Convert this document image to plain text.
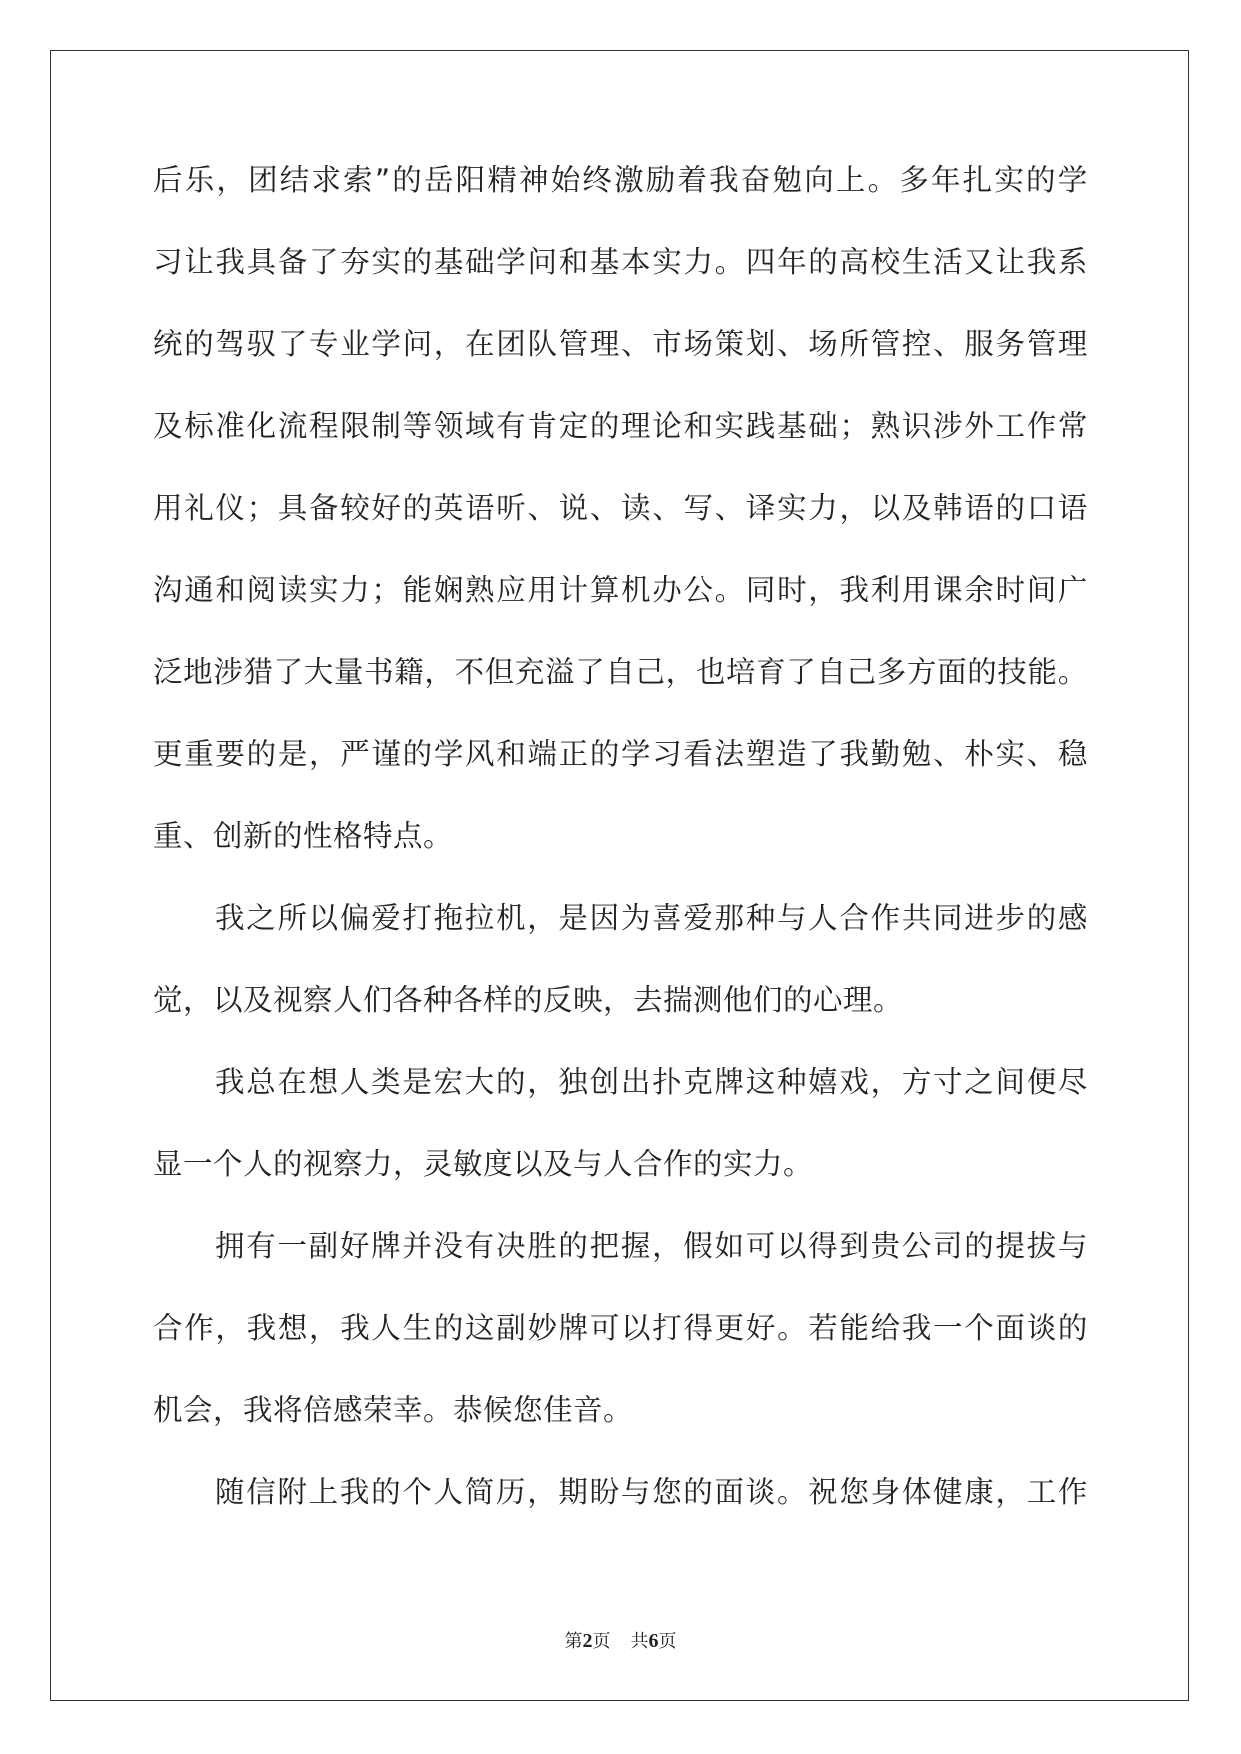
后 乐 ， 团 结 求 索 ” 的 岳 阳 精 神 始 终 激 励 着 我 奋 勉 向 上 。 多 年 扎 实 的 学
习 让 我 具 备 了 夯 实 的 基 础 学 问 和 基 本 实 力 。 四 年 的 高 校 生 活 又 让 我 系
统 的 驾 驭 了 专 业 学 问 ， 在 团 队 管 理 、 市 场 策 划 、 场 所 管 控 、 服 务 管 理
及 标 准 化 流 程 限 制 等 领 域 有 肯 定 的 理 论 和 实 践 基 础 ； 熟 识 涉 外 工 作 常
用 礼 仪 ； 具 备 较 好 的 英 语 听 、 说 、 读 、 写 、 译 实 力 ， 以 及 韩 语 的 口 语
沟 通 和 阅 读 实 力 ； 能 娴 熟 应 用 计 算 机 办 公 。 同 时 ， 我 利 用 课 余 时 间 广
泛 地 涉 猎 了 大 量 书 籍 ， 不 但 充 溢 了 自 己 ， 也 培 育 了 自 己 多 方 面 的 技 能 。
更 重 要 的 是 ， 严 谨 的 学 风 和 端 正 的 学 习 看 法 塑 造 了 我 勤 勉 、 朴 实 、 稳
重、创新的性格特点。
我 之 所 以 偏 爱 打 拖 拉 机 ， 是 因 为 喜 爱 那 种 与 人 合 作 共 同 进 步 的 感
觉，以及视察人们各种各样的反映，去揣测他们的心理。
我 总 在 想 人 类 是 宏 大 的 ， 独 创 出 扑 克 牌 这 种 嬉 戏 ， 方 寸 之 间 便 尽
显一个人的视察力，灵敏度以及与人合作的实力。
拥 有 一 副 好 牌 并 没 有 决 胜 的 把 握 ， 假 如 可 以 得 到 贵 公 司 的 提 拔 与
合 作 ， 我 想 ， 我 人 生 的 这 副 妙 牌 可 以 打 得 更 好 。 若 能 给 我 一 个 面 谈 的
机会，我将倍感荣幸。恭候您佳音。
随 信 附 上 我 的 个 人 简 历 ， 期 盼 与 您 的 面 谈 。 祝 您 身 体 健 康 ， 工 作
第2页 共6页
